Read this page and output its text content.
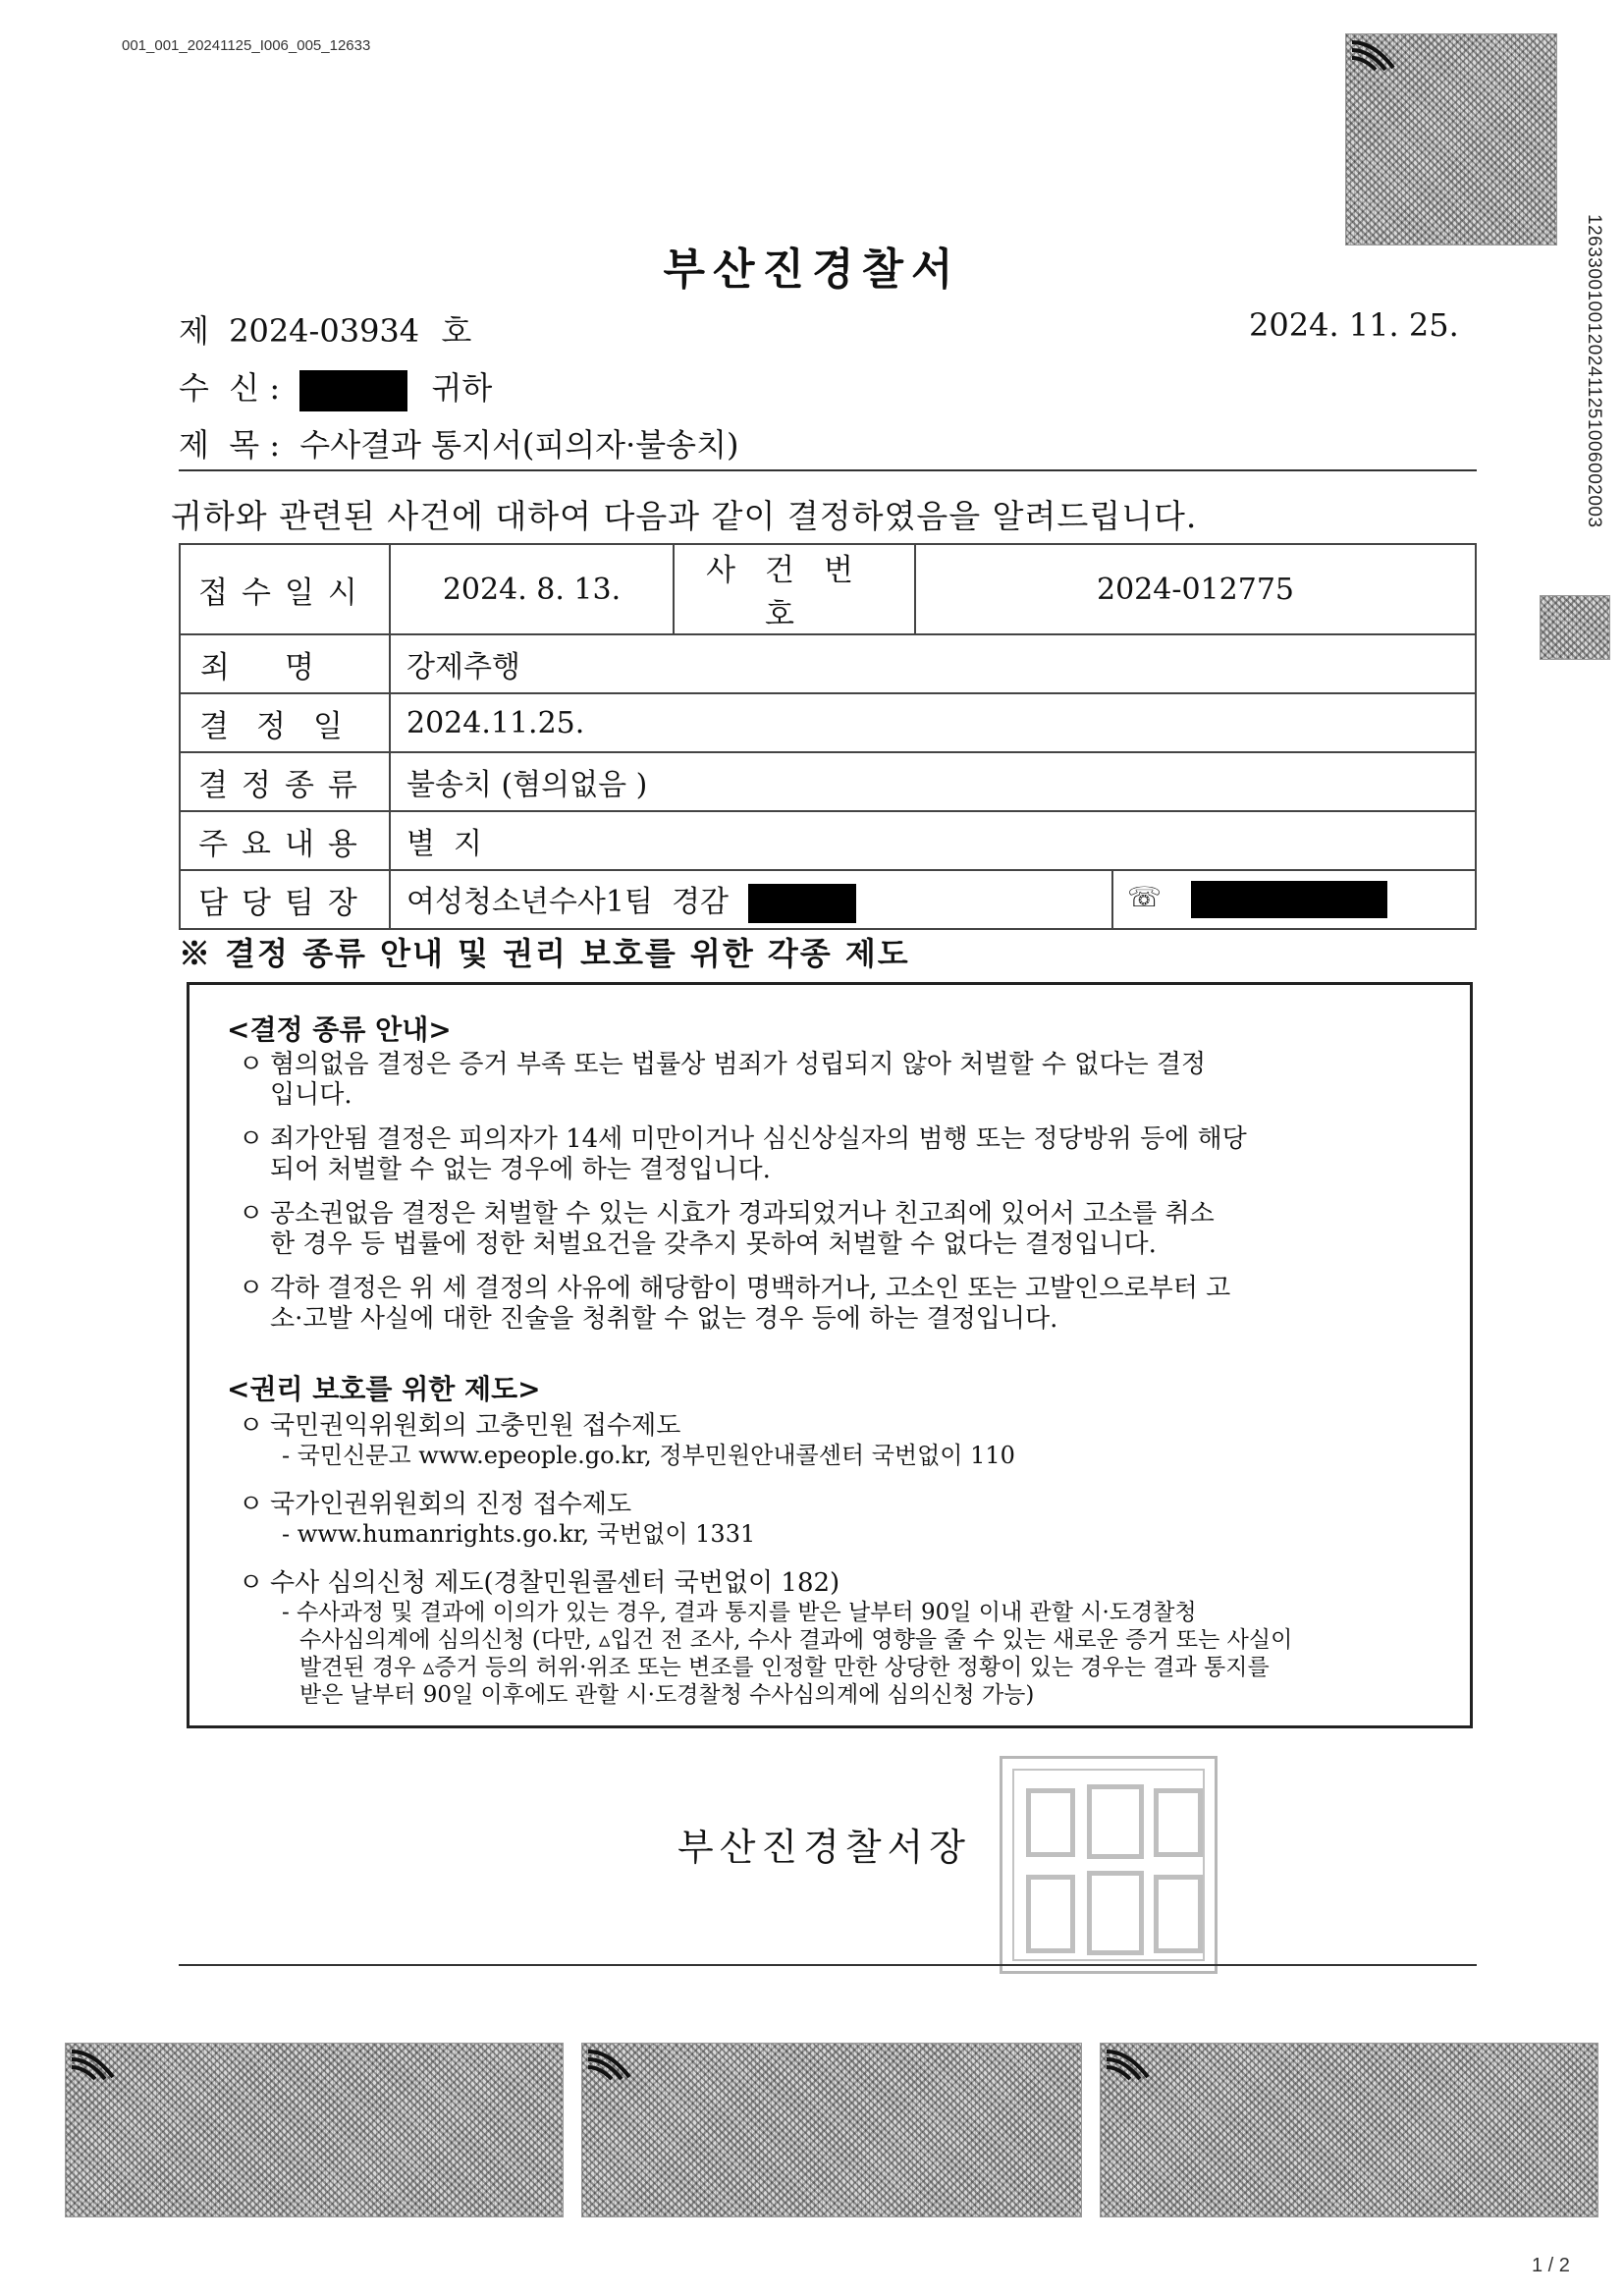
001_001_20241125_I006_005_12633
12633001001202411251006002003
부산진경찰서
제 2024-03934 호	2024. 11. 25.
수  신 :	귀하
제  목 : 수사결과 통지서(피의자·불송치)
귀하와 관련된 사건에 대하여 다음과 같이 결정하였음을 알려드립니다.
접수일시	2024. 8. 13.	사건번호	2024-012775
죄명	강제추행		
결정일	2024.11.25.		
결정종류	불송치 (혐의없음 )		
주요내용	별  지		
담당팀장	여성청소년수사1팀  경감 ☏		
※ 결정 종류 안내 및 권리 보호를 위한 각종 제도
<결정 종류 안내>
ㅇ 혐의없음 결정은 증거 부족 또는 법률상 범죄가 성립되지 않아 처벌할 수 없다는 결정
입니다.
ㅇ 죄가안됨 결정은 피의자가 14세 미만이거나 심신상실자의 범행 또는 정당방위 등에 해당
되어 처벌할 수 없는 경우에 하는 결정입니다.
ㅇ 공소권없음 결정은 처벌할 수 있는 시효가 경과되었거나 친고죄에 있어서 고소를 취소
한 경우 등 법률에 정한 처벌요건을 갖추지 못하여 처벌할 수 없다는 결정입니다.
ㅇ 각하 결정은 위 세 결정의 사유에 해당함이 명백하거나, 고소인 또는 고발인으로부터 고
소·고발 사실에 대한 진술을 청취할 수 없는 경우 등에 하는 결정입니다.
<권리 보호를 위한 제도>
ㅇ 국민권익위원회의 고충민원 접수제도
- 국민신문고 www.epeople.go.kr, 정부민원안내콜센터 국번없이 110
ㅇ 국가인권위원회의 진정 접수제도
- www.humanrights.go.kr, 국번없이 1331
ㅇ 수사 심의신청 제도(경찰민원콜센터 국번없이 182)
- 수사과정 및 결과에 이의가 있는 경우, 결과 통지를 받은 날부터 90일 이내 관할 시·도경찰청
수사심의계에 심의신청 (다만, ▵입건 전 조사, 수사 결과에 영향을 줄 수 있는 새로운 증거 또는 사실이
발견된 경우 ▵증거 등의 허위·위조 또는 변조를 인정할 만한 상당한 정황이 있는 경우는 결과 통지를
받은 날부터 90일 이후에도 관할 시·도경찰청 수사심의계에 심의신청 가능)
부산진경찰서장
1 / 2
